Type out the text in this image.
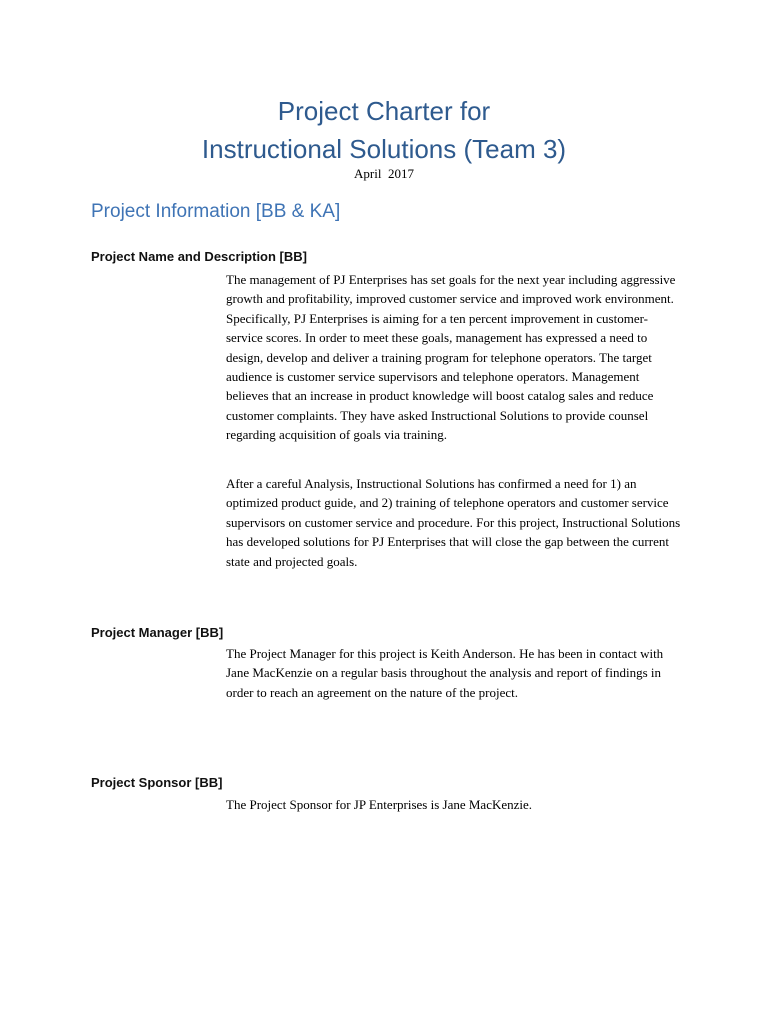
Project Charter for
Instructional Solutions (Team 3)
April  2017
Project Information [BB & KA]
Project Name and Description [BB]

The management of PJ Enterprises has set goals for the next year including aggressive growth and profitability, improved customer service and improved work environment. Specifically, PJ Enterprises is aiming for a ten percent improvement in customer-service scores. In order to meet these goals, management has expressed a need to design, develop and deliver a training program for telephone operators. The target audience is customer service supervisors and telephone operators. Management believes that an increase in product knowledge will boost catalog sales and reduce customer complaints. They have asked Instructional Solutions to provide counsel regarding acquisition of goals via training.

After a careful Analysis, Instructional Solutions has confirmed a need for 1) an optimized product guide, and 2) training of telephone operators and customer service supervisors on customer service and procedure. For this project, Instructional Solutions has developed solutions for PJ Enterprises that will close the gap between the current state and projected goals.

Project Manager [BB]

The Project Manager for this project is Keith Anderson. He has been in contact with Jane MacKenzie on a regular basis throughout the analysis and report of findings in order to reach an agreement on the nature of the project.

Project Sponsor [BB]

The Project Sponsor for JP Enterprises is Jane MacKenzie.
